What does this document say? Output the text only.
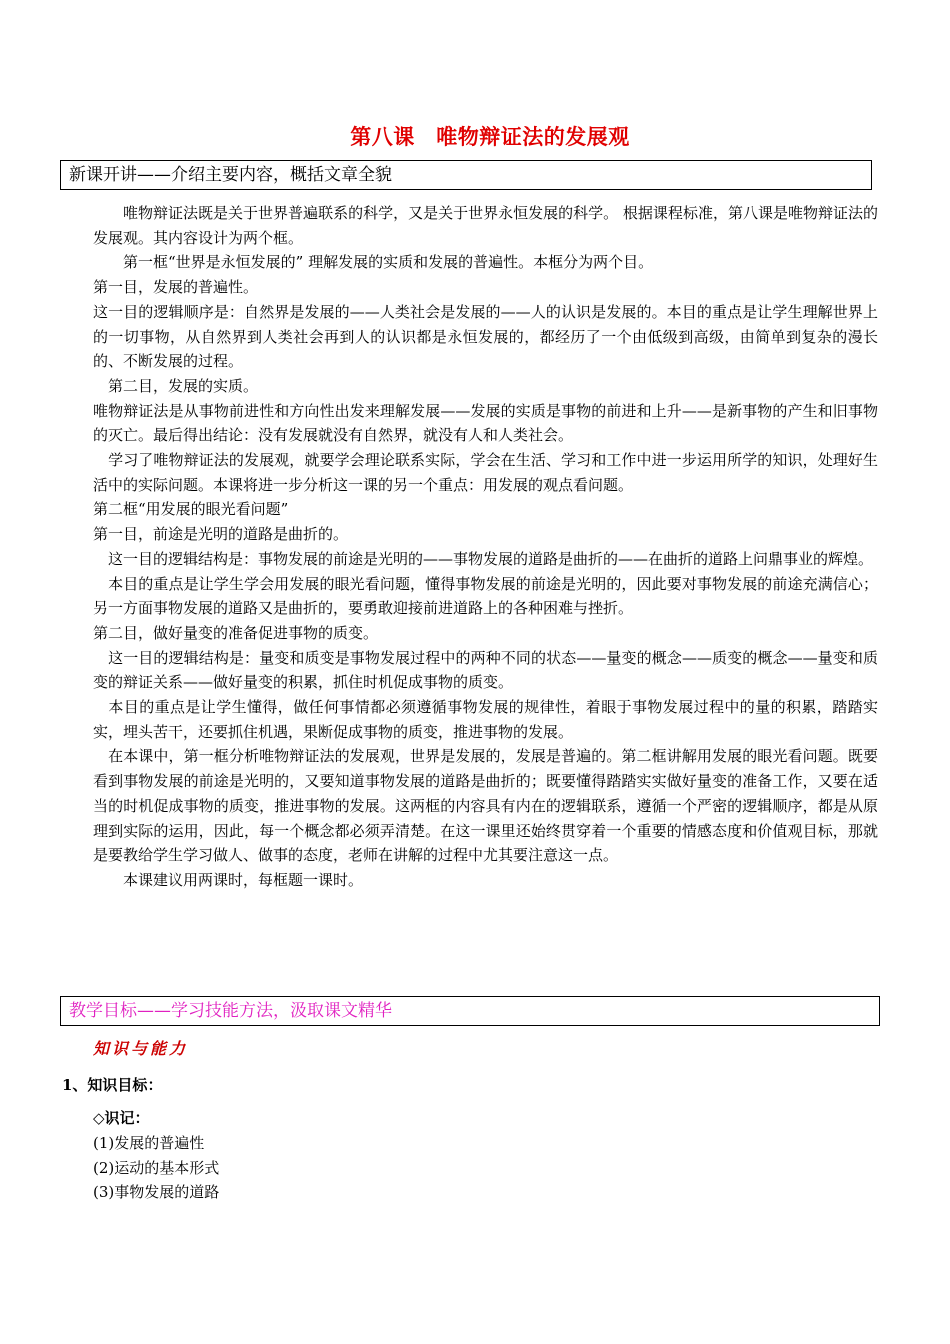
第八课　唯物辩证法的发展观
新课开讲——介绍主要内容，概括文章全貌

　　唯物辩证法既是关于世界普遍联系的科学，又是关于世界永恒发展的科学。 根据课程标准，第八课是唯物辩证法的发展观。其内容设计为两个框。

　　第一框“世界是永恒发展的” 理解发展的实质和发展的普遍性。本框分为两个目。

第一目，发展的普遍性。

这一目的逻辑顺序是：自然界是发展的——人类社会是发展的——人的认识是发展的。本目的重点是让学生理解世界上的一切事物，从自然界到人类社会再到人的认识都是永恒发展的，都经历了一个由低级到高级，由简单到复杂的漫长的、不断发展的过程。

　第二目，发展的实质。

唯物辩证法是从事物前进性和方向性出发来理解发展——发展的实质是事物的前进和上升——是新事物的产生和旧事物的灭亡。最后得出结论：没有发展就没有自然界，就没有人和人类社会。

　学习了唯物辩证法的发展观，就要学会理论联系实际，学会在生活、学习和工作中进一步运用所学的知识，处理好生活中的实际问题。本课将进一步分析这一课的另一个重点：用发展的观点看问题。

第二框“用发展的眼光看问题”

第一目，前途是光明的道路是曲折的。

　这一目的逻辑结构是：事物发展的前途是光明的——事物发展的道路是曲折的——在曲折的道路上问鼎事业的辉煌。

　本目的重点是让学生学会用发展的眼光看问题，懂得事物发展的前途是光明的，因此要对事物发展的前途充满信心；另一方面事物发展的道路又是曲折的，要勇敢迎接前进道路上的各种困难与挫折。

第二目，做好量变的准备促进事物的质变。

　这一目的逻辑结构是：量变和质变是事物发展过程中的两种不同的状态——量变的概念——质变的概念——量变和质变的辩证关系——做好量变的积累，抓住时机促成事物的质变。

　本目的重点是让学生懂得，做任何事情都必须遵循事物发展的规律性，着眼于事物发展过程中的量的积累，踏踏实实，埋头苦干，还要抓住机遇，果断促成事物的质变，推进事物的发展。

　在本课中，第一框分析唯物辩证法的发展观，世界是发展的，发展是普遍的。第二框讲解用发展的眼光看问题。既要看到事物发展的前途是光明的，又要知道事物发展的道路是曲折的；既要懂得踏踏实实做好量变的准备工作，又要在适当的时机促成事物的质变，推进事物的发展。这两框的内容具有内在的逻辑联系，遵循一个严密的逻辑顺序，都是从原理到实际的运用，因此，每一个概念都必须弄清楚。在这一课里还始终贯穿着一个重要的情感态度和价值观目标，那就是要教给学生学习做人、做事的态度，老师在讲解的过程中尤其要注意这一点。

　　本课建议用两课时，每框题一课时。

教学目标——学习技能方法，汲取课文精华
知识与能力
1、知识目标：
◇识记：
(1)发展的普遍性
(2)运动的基本形式
(3)事物发展的道路
